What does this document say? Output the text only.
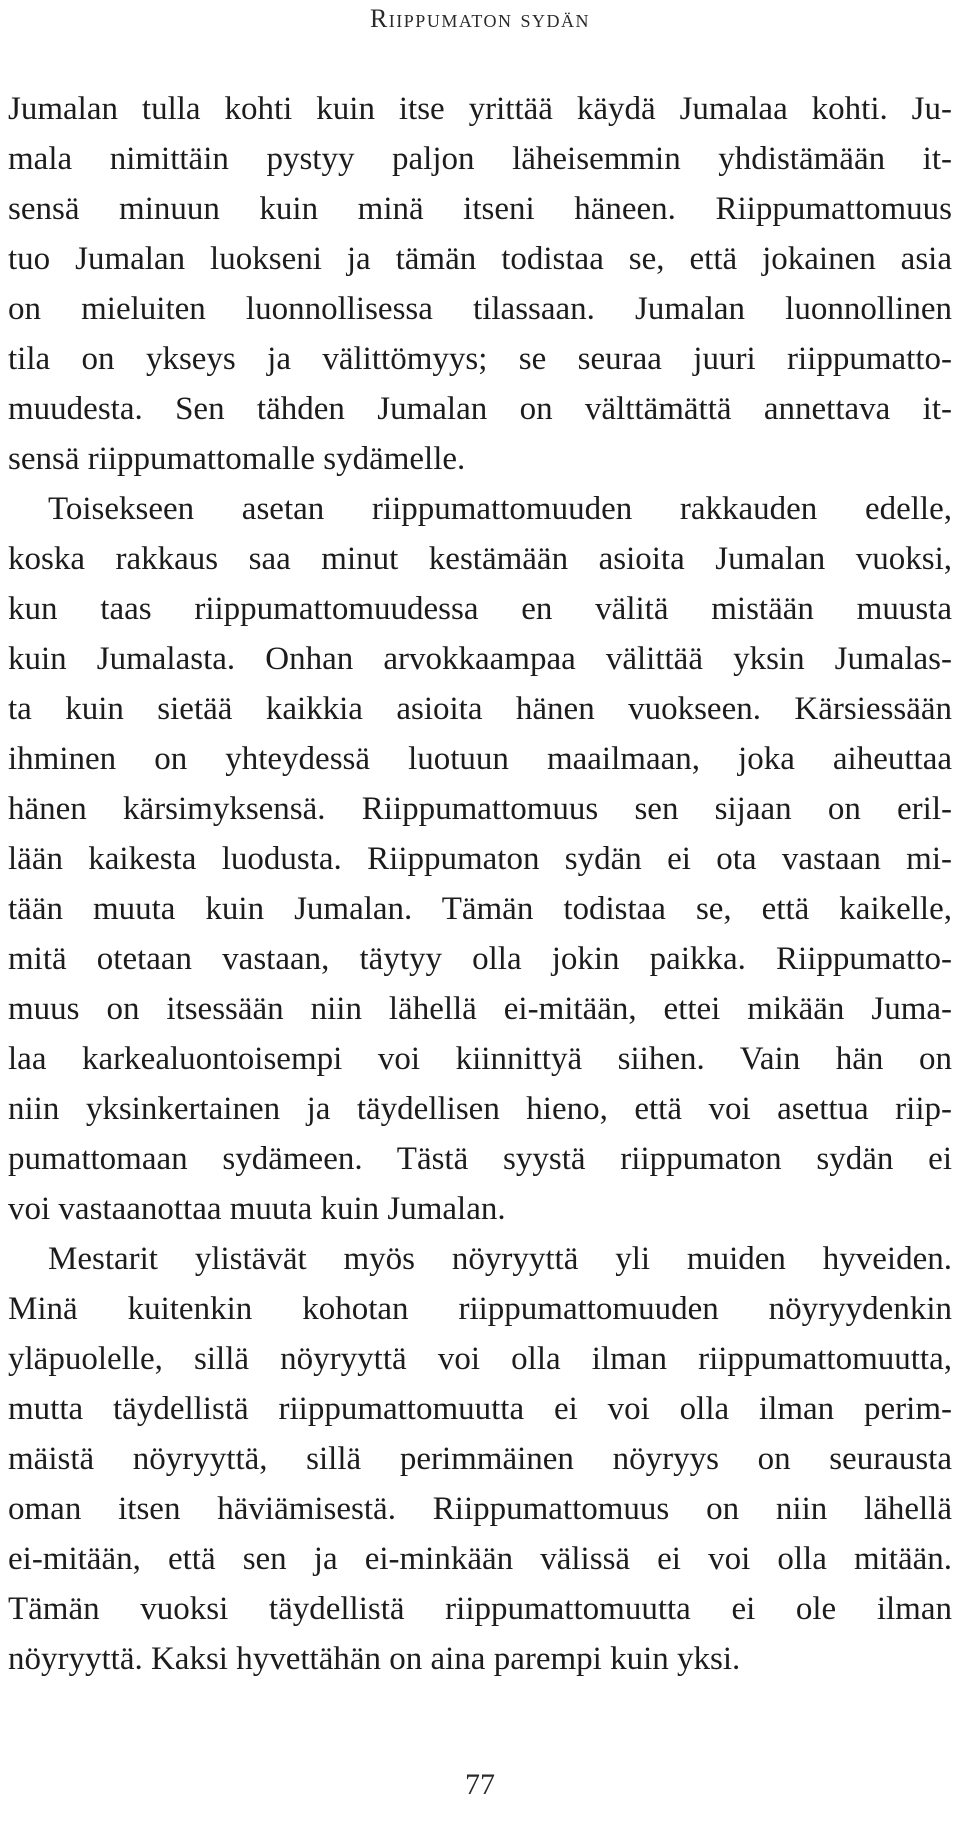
Riippumaton sydän
Jumalan tulla kohti kuin itse yrittää käydä Jumalaa kohti. Ju-
mala nimittäin pystyy paljon läheisemmin yhdistämään it-
sensä minuun kuin minä itseni häneen. Riippumattomuus
tuo Jumalan luokseni ja tämän todistaa se, että jokainen asia
on mieluiten luonnollisessa tilassaan. Jumalan luonnollinen
tila on ykseys ja välittömyys; se seuraa juuri riippumatto-
muudesta. Sen tähden Jumalan on välttämättä annettava it-
sensä riippumattomalle sydämelle.
Toisekseen asetan riippumattomuuden rakkauden edelle,
koska rakkaus saa minut kestämään asioita Jumalan vuoksi,
kun taas riippumattomuudessa en välitä mistään muusta
kuin Jumalasta. Onhan arvokkaampaa välittää yksin Jumalas-
ta kuin sietää kaikkia asioita hänen vuokseen. Kärsiessään
ihminen on yhteydessä luotuun maailmaan, joka aiheuttaa
hänen kärsimyksensä. Riippumattomuus sen sijaan on eril-
lään kaikesta luodusta. Riippumaton sydän ei ota vastaan mi-
tään muuta kuin Jumalan. Tämän todistaa se, että kaikelle,
mitä otetaan vastaan, täytyy olla jokin paikka. Riippumatto-
muus on itsessään niin lähellä ei-mitään, ettei mikään Juma-
laa karkealuontoisempi voi kiinnittyä siihen. Vain hän on
niin yksinkertainen ja täydellisen hieno, että voi asettua riip-
pumattomaan sydämeen. Tästä syystä riippumaton sydän ei
voi vastaanottaa muuta kuin Jumalan.
Mestarit ylistävät myös nöyryyttä yli muiden hyveiden.
Minä kuitenkin kohotan riippumattomuuden nöyryydenkin
yläpuolelle, sillä nöyryyttä voi olla ilman riippumattomuutta,
mutta täydellistä riippumattomuutta ei voi olla ilman perim-
mäistä nöyryyttä, sillä perimmäinen nöyryys on seurausta
oman itsen häviämisestä. Riippumattomuus on niin lähellä
ei-mitään, että sen ja ei-minkään välissä ei voi olla mitään.
Tämän vuoksi täydellistä riippumattomuutta ei ole ilman
nöyryyttä. Kaksi hyvettähän on aina parempi kuin yksi.
77
